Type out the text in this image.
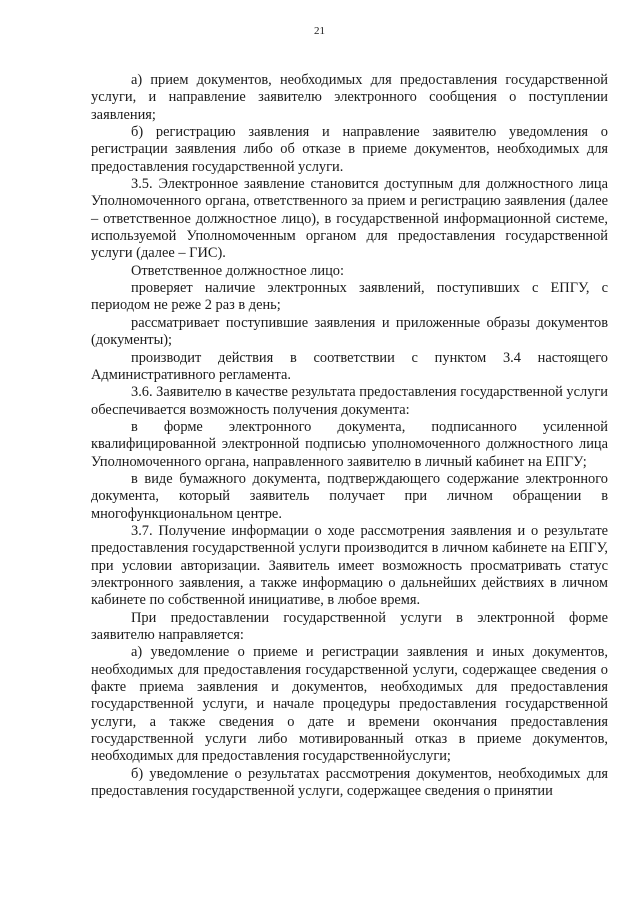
21

а) прием документов, необходимых для предоставления государственной услуги, и направление заявителю электронного сообщения о поступлении заявления;

б) регистрацию заявления и направление заявителю уведомления о регистрации заявления либо об отказе в приеме документов, необходимых для предоставления государственной услуги.

3.5. Электронное заявление становится доступным для должностного лица Уполномоченного органа, ответственного за прием и регистрацию заявления (далее – ответственное должностное лицо), в государственной информационной системе, используемой Уполномоченным органом для предоставления государственной услуги (далее – ГИС).

Ответственное должностное лицо:

проверяет наличие электронных заявлений, поступивших с ЕПГУ, с периодом не реже 2 раз в день;

рассматривает поступившие заявления и приложенные образы документов (документы);

производит действия в соответствии с пунктом 3.4 настоящего Административного регламента.

3.6. Заявителю в качестве результата предоставления государственной услуги обеспечивается возможность получения документа:

в форме электронного документа, подписанного усиленной квалифицированной электронной подписью уполномоченного должностного лица Уполномоченного органа, направленного заявителю в личный кабинет на ЕПГУ;

в виде бумажного документа, подтверждающего содержание электронного документа, который заявитель получает при личном обращении в многофункциональном центре.

3.7. Получение информации о ходе рассмотрения заявления и о результате предоставления государственной услуги производится в личном кабинете на ЕПГУ, при условии авторизации. Заявитель имеет возможность просматривать статус электронного заявления, а также информацию о дальнейших действиях в личном кабинете по собственной инициативе, в любое время.

При предоставлении государственной услуги в электронной форме заявителю направляется:

а) уведомление о приеме и регистрации заявления и иных документов, необходимых для предоставления государственной услуги, содержащее сведения о факте приема заявления и документов, необходимых для предоставления государственной услуги, и начале процедуры предоставления государственной услуги, а также сведения о дате и времени окончания предоставления государственной услуги либо мотивированный отказ в приеме документов, необходимых для предоставления государственнойуслуги;

б) уведомление о результатах рассмотрения документов, необходимых для предоставления государственной услуги, содержащее сведения о принятии
